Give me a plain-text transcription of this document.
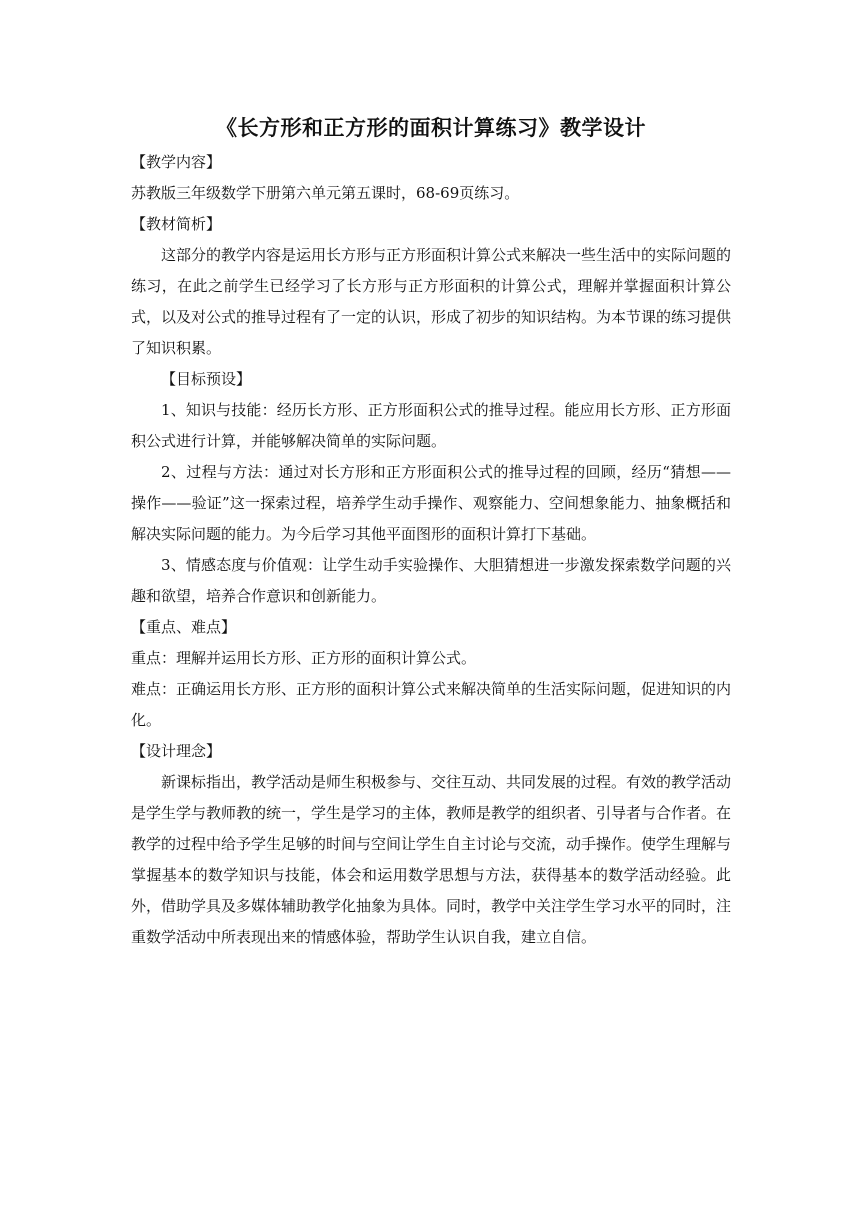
《长方形和正方形的面积计算练习》教学设计

【教学内容】

苏教版三年级数学下册第六单元第五课时，68-69页练习。

【教材简析】

这部分的教学内容是运用长方形与正方形面积计算公式来解决一些生活中的实际问题的练习，在此之前学生已经学习了长方形与正方形面积的计算公式，理解并掌握面积计算公式，以及对公式的推导过程有了一定的认识，形成了初步的知识结构。为本节课的练习提供了知识积累。

【目标预设】

1、知识与技能：经历长方形、正方形面积公式的推导过程。能应用长方形、正方形面积公式进行计算，并能够解决简单的实际问题。

2、过程与方法：通过对长方形和正方形面积公式的推导过程的回顾，经历“猜想——操作——验证”这一探索过程，培养学生动手操作、观察能力、空间想象能力、抽象概括和解决实际问题的能力。为今后学习其他平面图形的面积计算打下基础。

3、情感态度与价值观：让学生动手实验操作、大胆猜想进一步激发探索数学问题的兴趣和欲望，培养合作意识和创新能力。

【重点、难点】

重点：理解并运用长方形、正方形的面积计算公式。

难点：正确运用长方形、正方形的面积计算公式来解决简单的生活实际问题，促进知识的内化。

【设计理念】

新课标指出，教学活动是师生积极参与、交往互动、共同发展的过程。有效的教学活动是学生学与教师教的统一，学生是学习的主体，教师是教学的组织者、引导者与合作者。在教学的过程中给予学生足够的时间与空间让学生自主讨论与交流，动手操作。使学生理解与掌握基本的数学知识与技能，体会和运用数学思想与方法，获得基本的数学活动经验。此外，借助学具及多媒体辅助教学化抽象为具体。同时，教学中关注学生学习水平的同时，注重数学活动中所表现出来的情感体验，帮助学生认识自我，建立自信。
